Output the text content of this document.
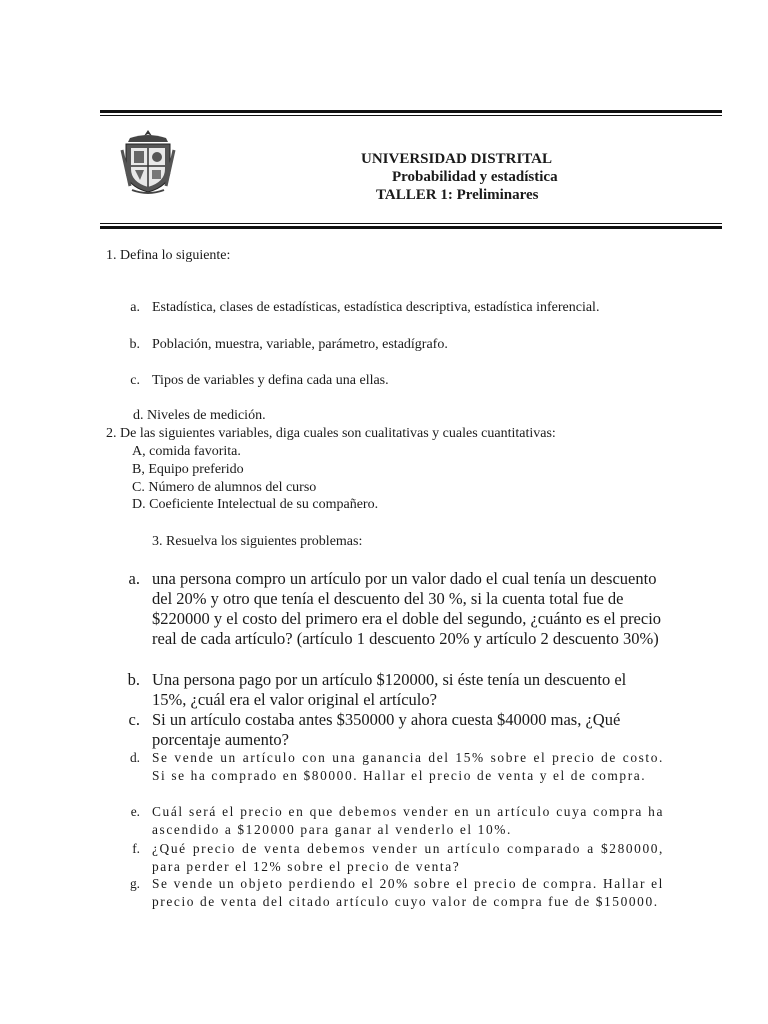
UNIVERSIDAD DISTRITAL
Probabilidad y estadística
TALLER 1: Preliminares
1. Defina lo siguiente:
a. Estadística, clases de estadísticas, estadística descriptiva, estadística inferencial.
b. Población, muestra, variable, parámetro, estadígrafo.
c. Tipos de variables y defina cada una ellas.
d. Niveles de medición.
2. De las siguientes variables, diga cuales son cualitativas y cuales cuantitativas:
A, comida favorita.
B, Equipo preferido
C. Número de alumnos del curso
D. Coeficiente Intelectual de su compañero.
3. Resuelva los siguientes problemas:
a. una persona compro un artículo por un valor dado el cual tenía un descuento del 20% y otro que tenía el descuento del 30 %, si la cuenta total fue de $220000 y el costo del primero era el doble del segundo, ¿cuánto es el precio real de cada artículo? (artículo 1 descuento 20% y artículo 2 descuento 30%)
b. Una persona pago por un artículo $120000, si éste tenía un descuento el 15%, ¿cuál era el valor original el artículo?
c. Si un artículo costaba antes $350000 y ahora cuesta $40000 mas, ¿Qué porcentaje aumento?
d. Se vende un artículo con una ganancia del 15% sobre el precio de costo. Si se ha comprado en $80000. Hallar el precio de venta y el de compra.
e. Cuál será el precio en que debemos vender en un artículo cuya compra ha ascendido a $120000 para ganar al venderlo el 10%.
f. ¿Qué precio de venta debemos vender un artículo comparado a $280000, para perder el 12% sobre el precio de venta?
g. Se vende un objeto perdiendo el 20% sobre el precio de compra. Hallar el precio de venta del citado artículo cuyo valor de compra fue de $150000.
